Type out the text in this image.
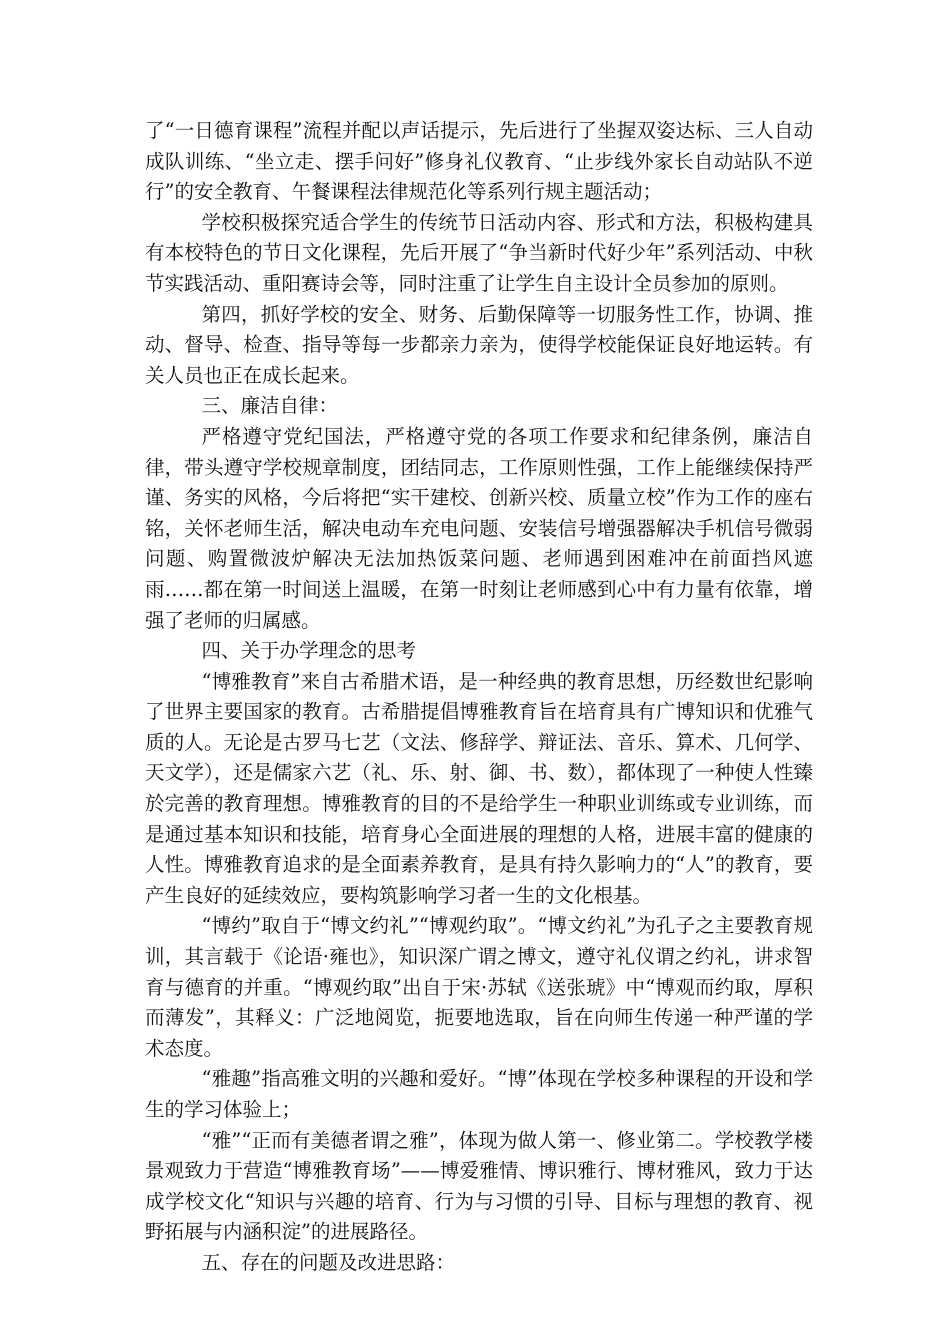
了“一日德育课程”流程并配以声话提示，先后进行了坐握双姿达标、三人自动成队训练、“坐立走、摆手问好”修身礼仪教育、“止步线外家长自动站队不逆行”的安全教育、午餐课程法律规范化等系列行规主题活动；

学校积极探究适合学生的传统节日活动内容、形式和方法，积极构建具有本校特色的节日文化课程，先后开展了“争当新时代好少年”系列活动、中秋节实践活动、重阳赛诗会等，同时注重了让学生自主设计全员参加的原则。

第四，抓好学校的安全、财务、后勤保障等一切服务性工作，协调、推动、督导、检查、指导等每一步都亲力亲为，使得学校能保证良好地运转。有关人员也正在成长起来。

三、廉洁自律：

严格遵守党纪国法，严格遵守党的各项工作要求和纪律条例，廉洁自律，带头遵守学校规章制度，团结同志，工作原则性强，工作上能继续保持严谨、务实的风格，今后将把“实干建校、创新兴校、质量立校”作为工作的座右铭，关怀老师生活，解决电动车充电问题、安装信号增强器解决手机信号微弱问题、购置微波炉解决无法加热饭菜问题、老师遇到困难冲在前面挡风遮雨……都在第一时间送上温暖，在第一时刻让老师感到心中有力量有依靠，增强了老师的归属感。

四、关于办学理念的思考

“博雅教育”来自古希腊术语，是一种经典的教育思想，历经数世纪影响了世界主要国家的教育。古希腊提倡博雅教育旨在培育具有广博知识和优雅气质的人。无论是古罗马七艺（文法、修辞学、辩证法、音乐、算术、几何学、天文学），还是儒家六艺（礼、乐、射、御、书、数），都体现了一种使人性臻於完善的教育理想。博雅教育的目的不是给学生一种职业训练或专业训练，而是通过基本知识和技能，培育身心全面进展的理想的人格，进展丰富的健康的人性。博雅教育追求的是全面素养教育，是具有持久影响力的“人”的教育，要产生良好的延续效应，要构筑影响学习者一生的文化根基。

“博约”取自于“博文约礼”“博观约取”。“博文约礼”为孔子之主要教育规训，其言载于《论语·雍也》，知识深广谓之博文，遵守礼仪谓之约礼，讲求智育与德育的并重。“博观约取”出自于宋·苏轼《送张琥》中“博观而约取，厚积而薄发”，其释义：广泛地阅览，扼要地选取，旨在向师生传递一种严谨的学术态度。

“雅趣”指高雅文明的兴趣和爱好。“博”体现在学校多种课程的开设和学生的学习体验上；

“雅”“正而有美德者谓之雅”，体现为做人第一、修业第二。学校教学楼景观致力于营造“博雅教育场”——博爱雅情、博识雅行、博材雅风，致力于达成学校文化“知识与兴趣的培育、行为与习惯的引导、目标与理想的教育、视野拓展与内涵积淀”的进展路径。

五、存在的问题及改进思路：
